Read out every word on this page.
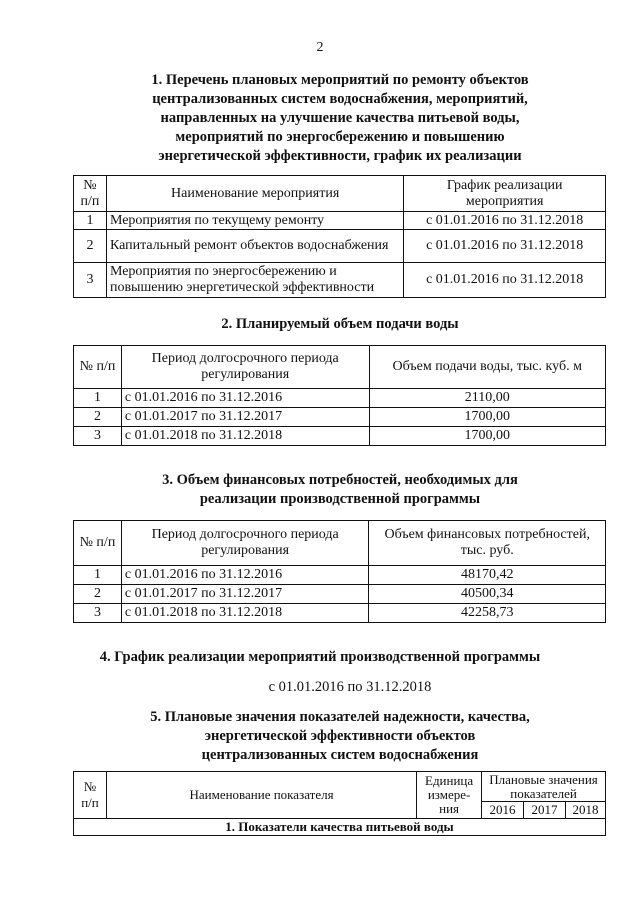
2
1. Перечень плановых мероприятий по ремонту объектов
централизованных систем водоснабжения, мероприятий,
направленных на улучшение качества питьевой воды,
мероприятий по энергосбережению и повышению
энергетической эффективности, график их реализации
№ п/п	Наименование мероприятия	График реализации мероприятия
1	Мероприятия по текущему ремонту	с 01.01.2016 по 31.12.2018
2	Капитальный ремонт объектов водоснабжения	с 01.01.2016 по 31.12.2018
3	Мероприятия по энергосбережению и повышению энергетической эффективности	с 01.01.2016 по 31.12.2018
2. Планируемый объем подачи воды
№ п/п	Период долгосрочного периода регулирования	Объем подачи воды, тыс. куб. м
1	с 01.01.2016 по 31.12.2016	2110,00
2	с 01.01.2017 по 31.12.2017	1700,00
3	с 01.01.2018 по 31.12.2018	1700,00
3. Объем финансовых потребностей, необходимых для
реализации производственной программы
№ п/п	Период долгосрочного периода регулирования	Объем финансовых потребностей, тыс. руб.
1	с 01.01.2016 по 31.12.2016	48170,42
2	с 01.01.2017 по 31.12.2017	40500,34
3	с 01.01.2018 по 31.12.2018	42258,73
4. График реализации мероприятий производственной программы
с 01.01.2016 по 31.12.2018
5. Плановые значения показателей надежности, качества,
энергетической эффективности объектов
централизованных систем водоснабжения
№ п/п	Наименование показателя	Единица измере-ния	Плановые значения показателей		
			2016	2017	2018
1. Показатели качества питьевой воды					
